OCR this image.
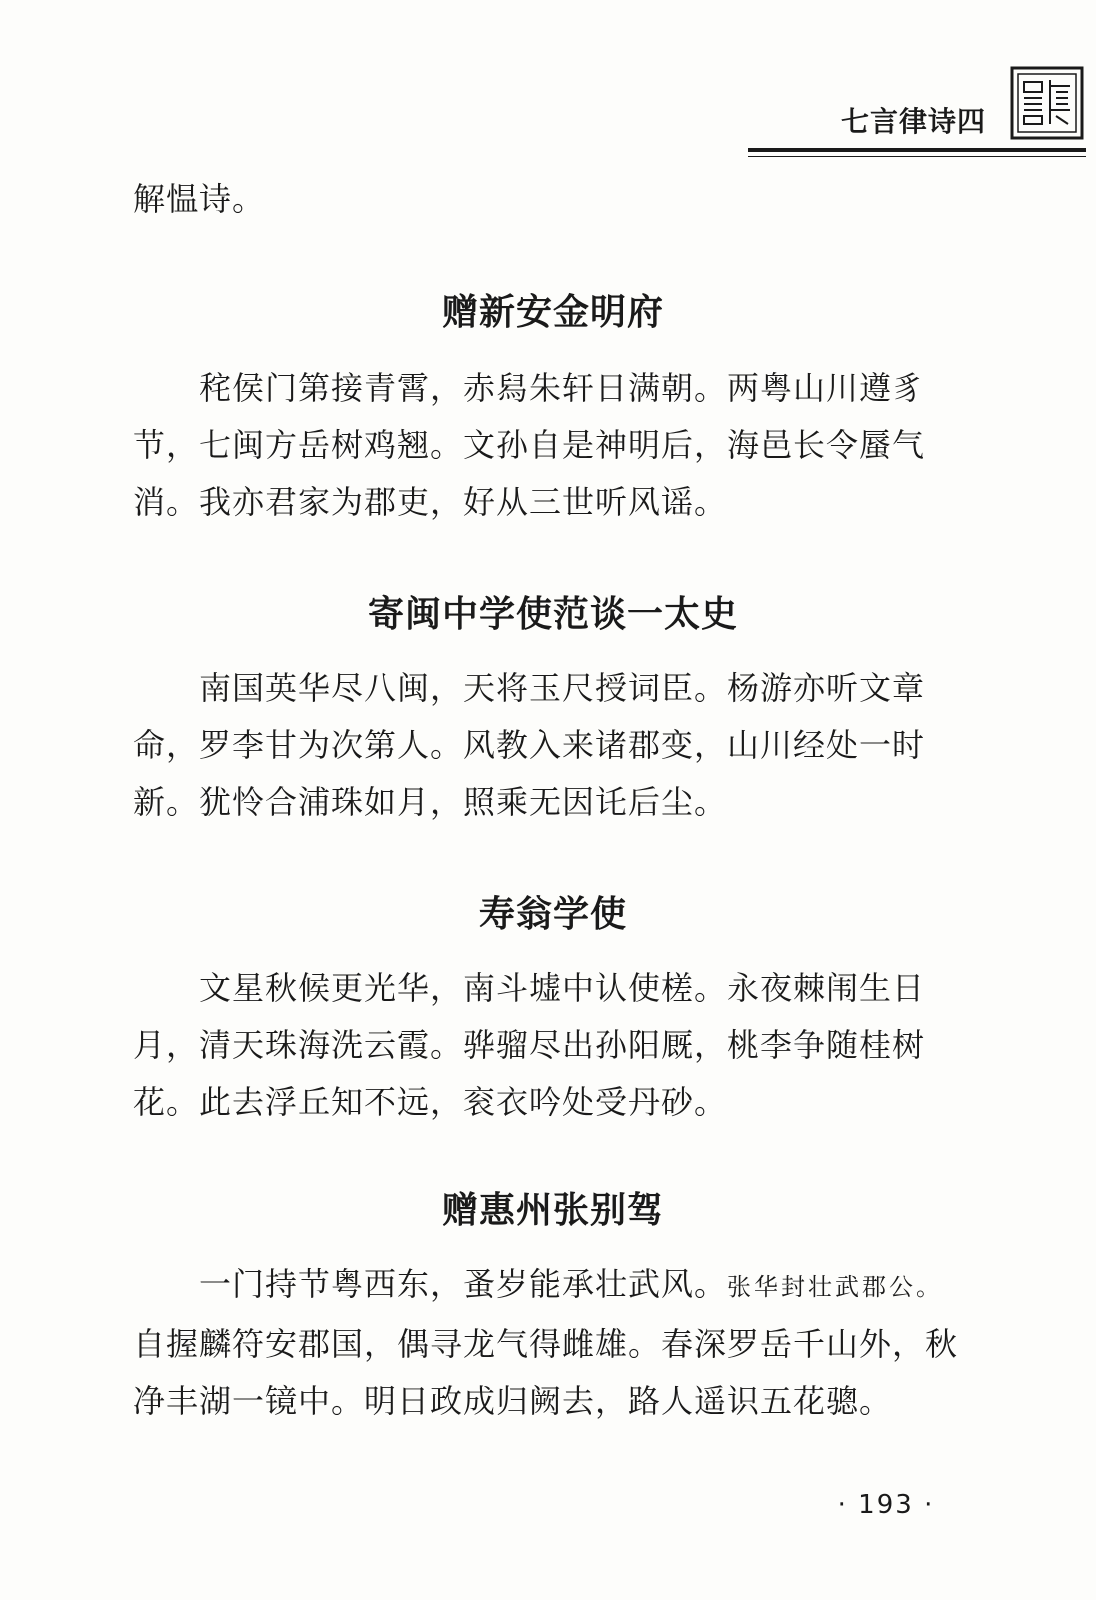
七言律诗四

解愠诗。

赠新安金明府

秺侯门第接青霄，赤舄朱轩日满朝。两粤山川遵豸节，七闽方岳树鸡翘。文孙自是神明后，海邑长令蜃气消。我亦君家为郡吏，好从三世听风谣。

寄闽中学使范谈一太史

南国英华尽八闽，天将玉尺授词臣。杨游亦听文章命，罗李甘为次第人。风教入来诸郡变，山川经处一时新。犹怜合浦珠如月，照乘无因讬后尘。

寿翁学使

文星秋候更光华，南斗墟中认使槎。永夜棘闱生日月，清天珠海洗云霞。骅骝尽出孙阳厩，桃李争随桂树花。此去浮丘知不远，衮衣吟处受丹砂。

赠惠州张别驾

一门持节粤西东，蚤岁能承壮武风。张华封壮武郡公。自握麟符安郡国，偶寻龙气得雌雄。春深罗岳千山外，秋净丰湖一镜中。明日政成归阙去，路人遥识五花骢。

· 193 ·
